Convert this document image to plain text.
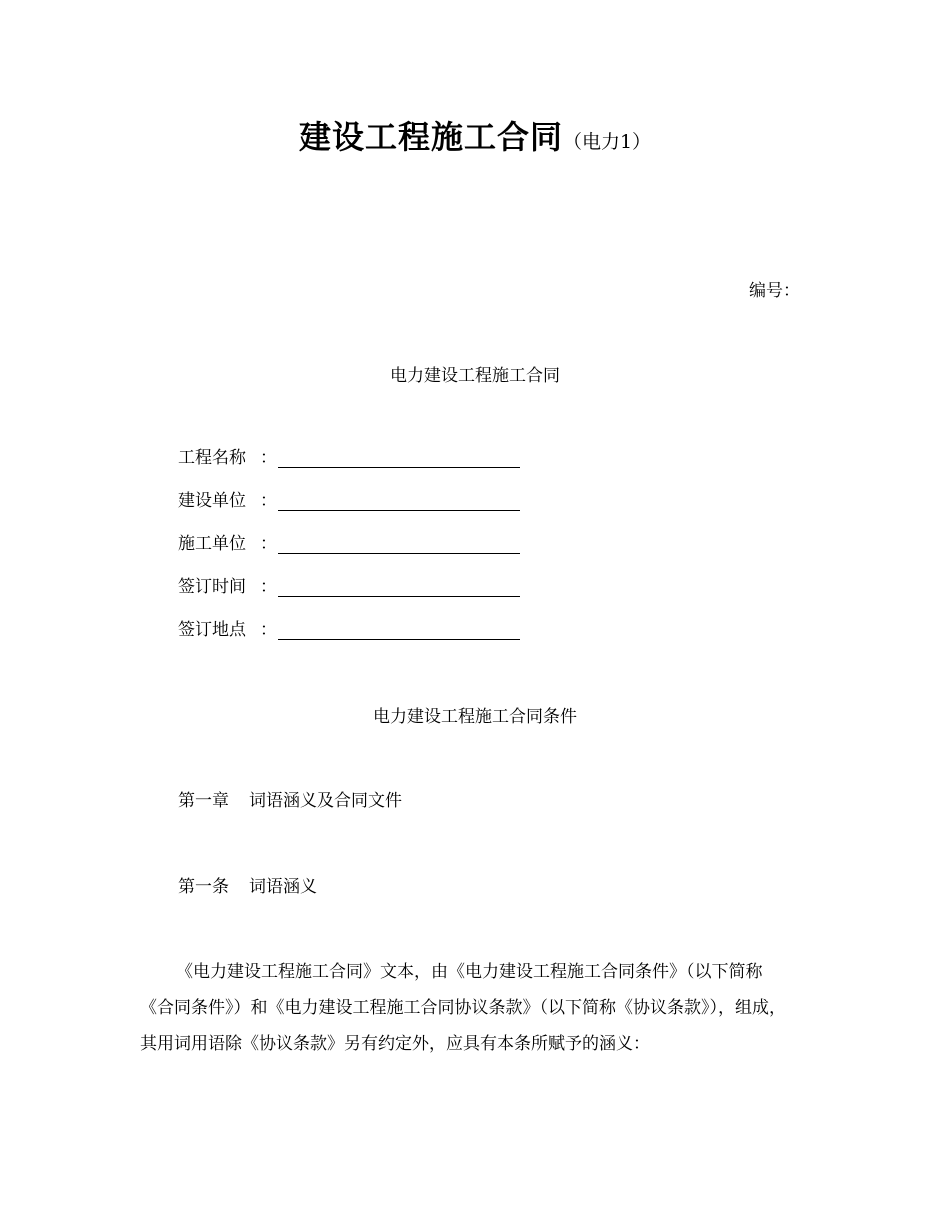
建设工程施工合同（电力1）
编号：
电力建设工程施工合同
工程名称 ：
建设单位 ：
施工单位 ：
签订时间 ：
签订地点 ：
电力建设工程施工合同条件
第一章 词语涵义及合同文件
第一条 词语涵义
《电力建设工程施工合同》文本，由《电力建设工程施工合同条件》（以下简称
《合同条件》）和《电力建设工程施工合同协议条款》（以下简称《协议条款》），组成，
其用词用语除《协议条款》另有约定外，应具有本条所赋予的涵义：
